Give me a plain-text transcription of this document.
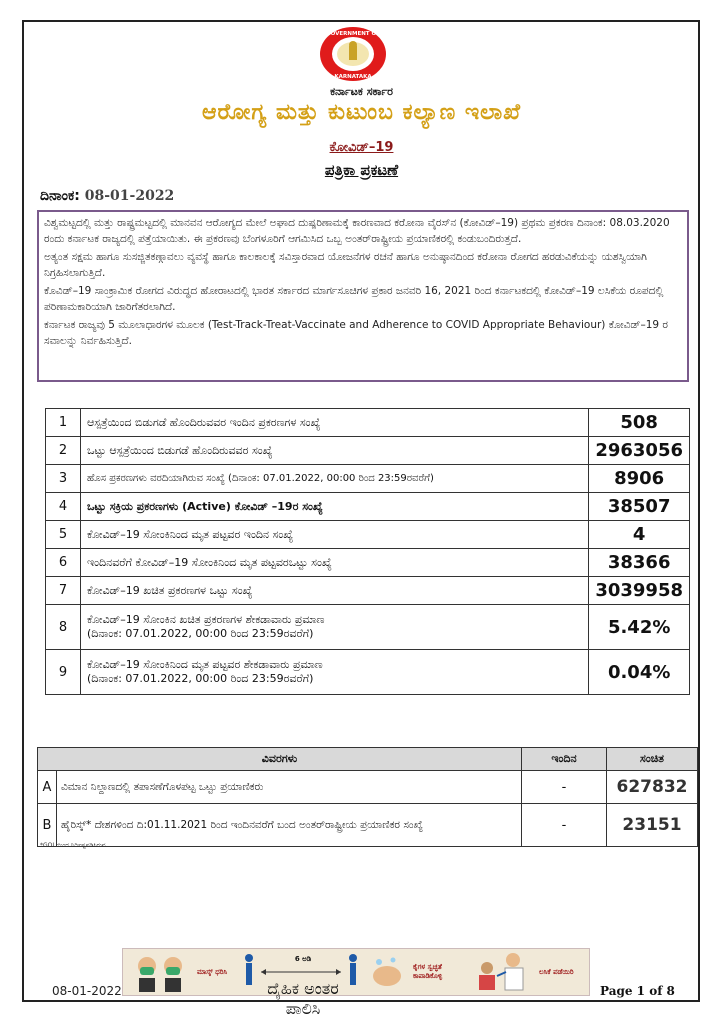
GOVERNMENT OF
KARNATAKA
ಕರ್ನಾಟಕ ಸರ್ಕಾರ
ಆರೋಗ್ಯ ಮತ್ತು ಕುಟುಂಬ ಕಲ್ಯಾಣ ಇಲಾಖೆ
ಕೋವಿಡ್–19
ಪತ್ರಿಕಾ ಪ್ರಕಟಣೆ
ದಿನಾಂಕ: 08-01-2022

ವಿಶ್ವಮಟ್ಟದಲ್ಲಿ ಮತ್ತು ರಾಷ್ಟ್ರಮಟ್ಟದಲ್ಲಿ ಮಾನವನ ಆರೋಗ್ಯದ ಮೇಲೆ ಅಘಾದ ದುಷ್ಪರಿಣಾಮಕ್ಕೆ ಕಾರಣವಾದ ಕರೋನಾ ವೈರಸ್‌ನ (ಕೋವಿಡ್–19) ಪ್ರಥಮ ಪ್ರಕರಣ ದಿನಾಂಕ: 08.03.2020 ರಂದು ಕರ್ನಾಟಕ ರಾಜ್ಯದಲ್ಲಿ ಪತ್ತೆಯಾಯಿತು. ಈ ಪ್ರಕರಣವು ಬೆಂಗಳೂರಿಗೆ ಆಗಮಿಸಿದ ಒಬ್ಬ ಅಂತರ್‌ರಾಷ್ಟ್ರೀಯ ಪ್ರಯಾಣಿಕರಲ್ಲಿ ಕಂಡುಬಂದಿರುತ್ತದೆ.

ಅತ್ಯಂತ ಸಕ್ಷಮ ಹಾಗೂ ಸುಸಜ್ಜಿತಕಣ್ಗಾವಲು ವ್ಯವಸ್ಥೆ ಹಾಗೂ ಕಾಲಕಾಲಕ್ಕೆ ಸವಿಸ್ತಾರವಾದ ಯೋಜನೆಗಳ ರಚನೆ ಹಾಗೂ ಅನುಷ್ಠಾನದಿಂದ ಕರೋನಾ ರೋಗದ ಹರಡುವಿಕೆಯನ್ನು ಯಶಸ್ವಿಯಾಗಿ ನಿಗ್ರಹಿಸಲಾಗುತ್ತಿದೆ.

ಕೊವಿಡ್–19 ಸಾಂಕ್ರಾಮಿಕ ರೋಗದ ವಿರುದ್ಧದ ಹೋರಾಟದಲ್ಲಿ ಭಾರತ ಸರ್ಕಾರದ ಮಾರ್ಗಸೂಚಿಗಳ ಪ್ರಕಾರ ಜನವರಿ 16, 2021 ರಿಂದ ಕರ್ನಾಟಕದಲ್ಲಿ ಕೋವಿಡ್–19 ಲಸಿಕೆಯ ರೂಪದಲ್ಲಿ ಪರಿಣಾಮಕಾರಿಯಾಗಿ ಜಾರಿಗೆತರಲಾಗಿದೆ.

ಕರ್ನಾಟಕ ರಾಜ್ಯವು 5 ಮೂಲಾಧಾರಗಳ ಮೂಲಕ (Test-Track-Treat-Vaccinate and Adherence to COVID Appropriate Behaviour) ಕೋವಿಡ್–19 ರ ಸವಾಲನ್ನು ನಿರ್ವಹಿಸುತ್ತಿದೆ.

1	ಆಸ್ಪತ್ರೆಯಿಂದ ಬಿಡುಗಡೆ ಹೊಂದಿರುವವರ ಇಂದಿನ ಪ್ರಕರಣಗಳ ಸಂಖ್ಯೆ	508
2	ಒಟ್ಟು ಆಸ್ಪತ್ರೆಯಿಂದ ಬಿಡುಗಡೆ ಹೊಂದಿರುವವರ ಸಂಖ್ಯೆ	2963056
3	ಹೊಸ ಪ್ರಕರಣಗಳು ವರದಿಯಾಗಿರುವ ಸಂಖ್ಯೆ (ದಿನಾಂಕ: 07.01.2022, 00:00 ರಿಂದ 23:59ರವರೆಗೆ)	8906
4	ಒಟ್ಟು ಸಕ್ರಿಯ ಪ್ರಕರಣಗಳು (Active) ಕೋವಿಡ್ –19ರ ಸಂಖ್ಯೆ	38507
5	ಕೋವಿಡ್–19 ಸೋಂಕಿನಿಂದ ಮೃತ ಪಟ್ಟವರ ಇಂದಿನ ಸಂಖ್ಯೆ	4
6	ಇಂದಿನವರೆಗೆ ಕೋವಿಡ್–19 ಸೋಂಕಿನಿಂದ ಮೃತ ಪಟ್ಟವರಒಟ್ಟು ಸಂಖ್ಯೆ	38366
7	ಕೋವಿಡ್–19 ಖಚಿತ ಪ್ರಕರಣಗಳ ಒಟ್ಟು ಸಂಖ್ಯೆ	3039958
8	ಕೋವಿಡ್–19 ಸೋಂಕಿನ ಖಚಿತ ಪ್ರಕರಣಗಳ ಶೇಕಡಾವಾರು ಪ್ರಮಾಣ
(ದಿನಾಂಕ: 07.01.2022, 00:00 ರಿಂದ 23:59ರವರೆಗೆ)	5.42%
9	ಕೋವಿಡ್–19 ಸೋಂಕಿನಿಂದ ಮೃತ ಪಟ್ಟವರ ಶೇಕಡಾವಾರು ಪ್ರಮಾಣ
(ದಿನಾಂಕ: 07.01.2022, 00:00 ರಿಂದ 23:59ರವರೆಗೆ)	0.04%
ವಿವರಗಳು		ಇಂದಿನ	ಸಂಚಿತ
A	ವಿಮಾನ ನಿಲ್ದಾಣದಲ್ಲಿ ತಪಾಸಣೆಗೊಳಪಟ್ಟ ಒಟ್ಟು ಪ್ರಯಾಣಿಕರು	-	627832
B	ಹೈರಿಸ್ಕ್* ದೇಶಗಳಿಂದ ದಿ:01.11.2021 ರಿಂದ ಇಂದಿನವರೆಗೆ ಬಂದ ಅಂತರ್‌ರಾಷ್ಟ್ರೀಯ ಪ್ರಯಾಣಿಕರ ಸಂಖ್ಯೆ	-	23151
*GOI ಯಿಂದ ನಿರ್ದಿಷ್ಟಪಡಿಸಿರುವ
ಮಾಸ್ಕ್ ಧರಿಸಿ
6 ಅಡಿ
ದೈಹಿಕ ಅಂತರ ಪಾಲಿಸಿ
ಕೈಗಳ ಸ್ವಚ್ಛತೆ ಕಾಪಾಡಿಕೊಳ್ಳಿ
ಲಸಿಕೆ ಪಡೆಯಿರಿ
08-01-2022	Page 1 of 8
